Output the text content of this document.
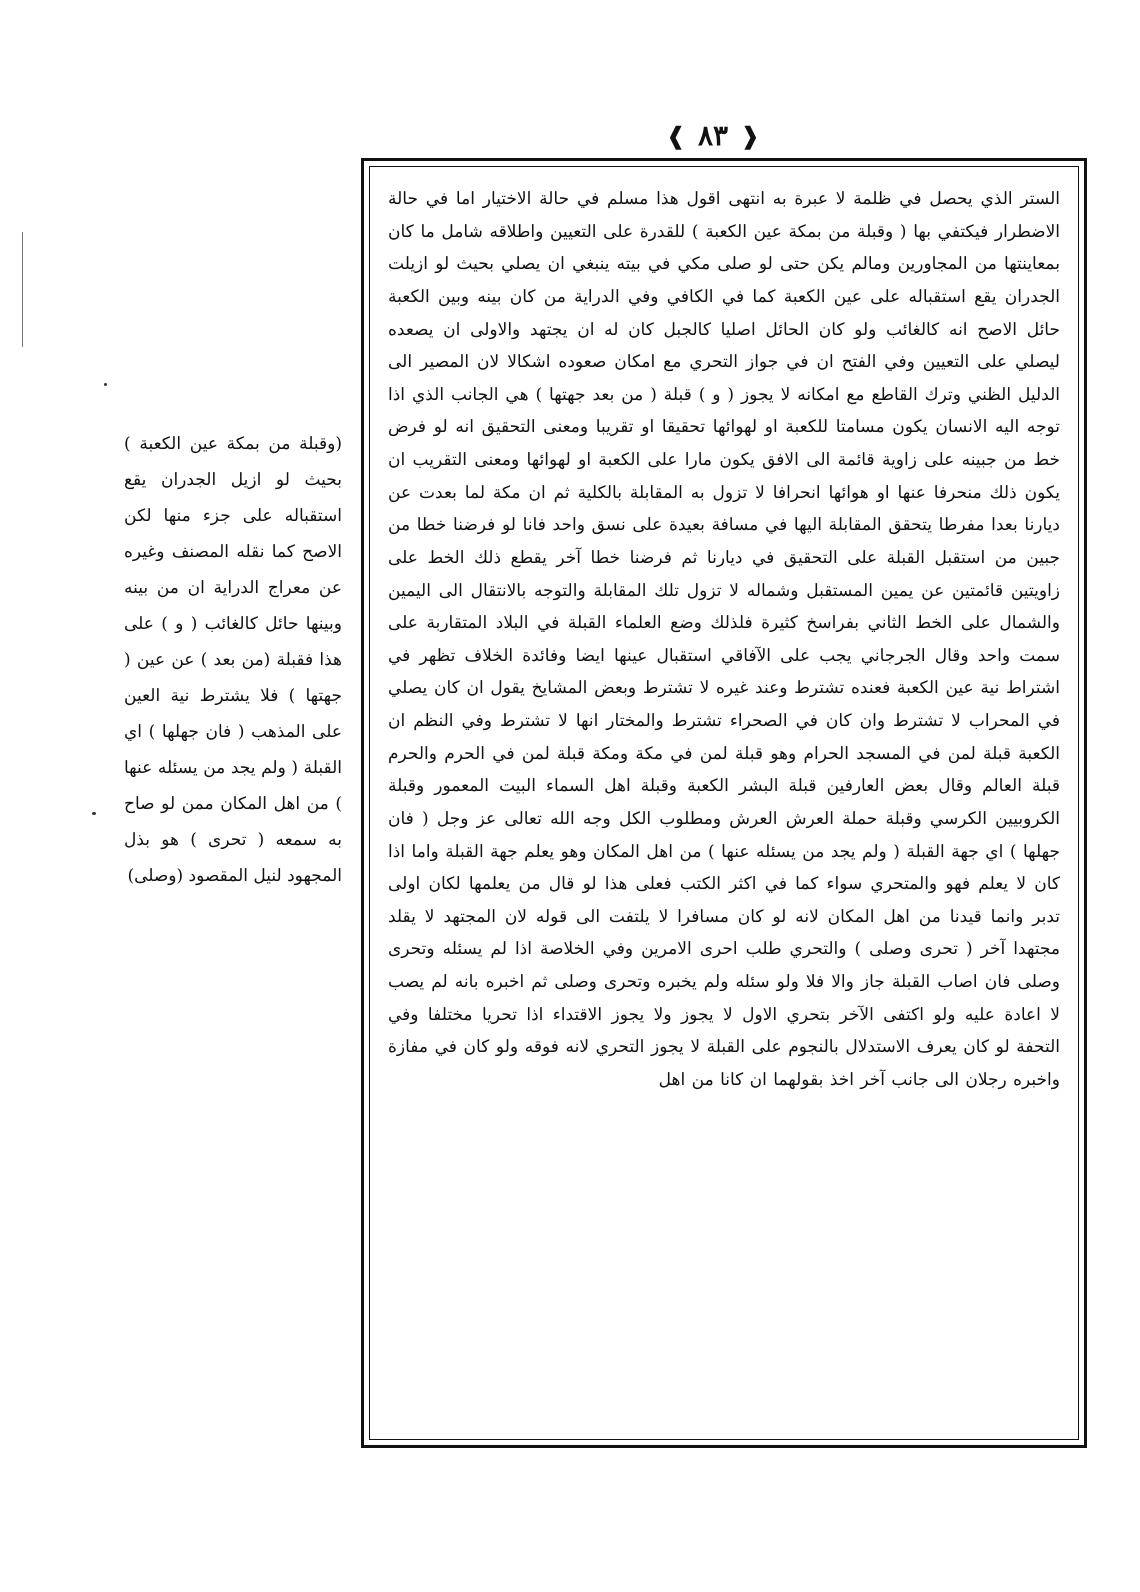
❰ ٨٣ ❱

الستر الذي يحصل في ظلمة لا عبرة به انتهى اقول هذا مسلم في حالة الاختيار اما في حالة الاضطرار فيكتفي بها ( وقبلة من بمكة عين الكعبة ) للقدرة على التعيين واطلاقه شامل ما كان بمعاينتها من المجاورين ومالم يكن حتى لو صلى مكي في بيته ينبغي ان يصلي بحيث لو ازيلت الجدران يقع استقباله على عين الكعبة كما في الكافي وفي الدراية من كان بينه وبين الكعبة حائل الاصح انه كالغائب ولو كان الحائل اصليا كالجبل كان له ان يجتهد والاولى ان يصعده ليصلي على التعيين وفي الفتح ان في جواز التحري مع امكان صعوده اشكالا لان المصير الى الدليل الظني وترك القاطع مع امكانه لا يجوز ( و ) قبلة ( من بعد جهتها ) هي الجانب الذي اذا توجه اليه الانسان يكون مسامتا للكعبة او لهوائها تحقيقا او تقريبا ومعنى التحقيق انه لو فرض خط من جبينه على زاوية قائمة الى الافق يكون مارا على الكعبة او لهوائها ومعنى التقريب ان يكون ذلك منحرفا عنها او هوائها انحرافا لا تزول به المقابلة بالكلية ثم ان مكة لما بعدت عن ديارنا بعدا مفرطا يتحقق المقابلة اليها في مسافة بعيدة على نسق واحد فانا لو فرضنا خطا من جبين من استقبل القبلة على التحقيق في ديارنا ثم فرضنا خطا آخر يقطع ذلك الخط على زاويتين قائمتين عن يمين المستقبل وشماله لا تزول تلك المقابلة والتوجه بالانتقال الى اليمين والشمال على الخط الثاني بفراسخ كثيرة فلذلك وضع العلماء القبلة في البلاد المتقاربة على سمت واحد وقال الجرجاني يجب على الآفاقي استقبال عينها ايضا وفائدة الخلاف تظهر في اشتراط نية عين الكعبة فعنده تشترط وعند غيره لا تشترط وبعض المشايخ يقول ان كان يصلي في المحراب لا تشترط وان كان في الصحراء تشترط والمختار انها لا تشترط وفي النظم ان الكعبة قبلة لمن في المسجد الحرام وهو قبلة لمن في مكة ومكة قبلة لمن في الحرم والحرم قبلة العالم وقال بعض العارفين قبلة البشر الكعبة وقبلة اهل السماء البيت المعمور وقبلة الكروبيين الكرسي وقبلة حملة العرش العرش ومطلوب الكل وجه الله تعالى عز وجل ( فان جهلها ) اي جهة القبلة ( ولم يجد من يسئله عنها ) من اهل المكان وهو يعلم جهة القبلة واما اذا كان لا يعلم فهو والمتحري سواء كما في اكثر الكتب فعلى هذا لو قال من يعلمها لكان اولى تدبر وانما قيدنا من اهل المكان لانه لو كان مسافرا لا يلتفت الى قوله لان المجتهد لا يقلد مجتهدا آخر ( تحرى وصلى ) والتحري طلب احرى الامرين وفي الخلاصة اذا لم يسئله وتحرى وصلى فان اصاب القبلة جاز والا فلا ولو سئله ولم يخبره وتحرى وصلى ثم اخبره بانه لم يصب لا اعادة عليه ولو اكتفى الآخر بتحري الاول لا يجوز ولا يجوز الاقتداء اذا تحريا مختلفا وفي التحفة لو كان يعرف الاستدلال بالنجوم على القبلة لا يجوز التحري لانه فوقه ولو كان في مفازة واخبره رجلان الى جانب آخر اخذ بقولهما ان كانا من اهل

(وقبلة من بمكة عين الكعبة ) بحيث لو ازيل الجدران يقع استقباله على جزء منها لكن الاصح كما نقله المصنف وغيره عن معراج الدراية ان من بينه وبينها حائل كالغائب ( و ) على هذا فقبلة (من بعد ) عن عين ( جهتها ) فلا يشترط نية العين على المذهب ( فان جهلها ) اي القبلة ( ولم يجد من يسئله عنها ) من اهل المكان ممن لو صاح به سمعه ( تحرى ) هو بذل المجهود لنيل المقصود (وصلى)
